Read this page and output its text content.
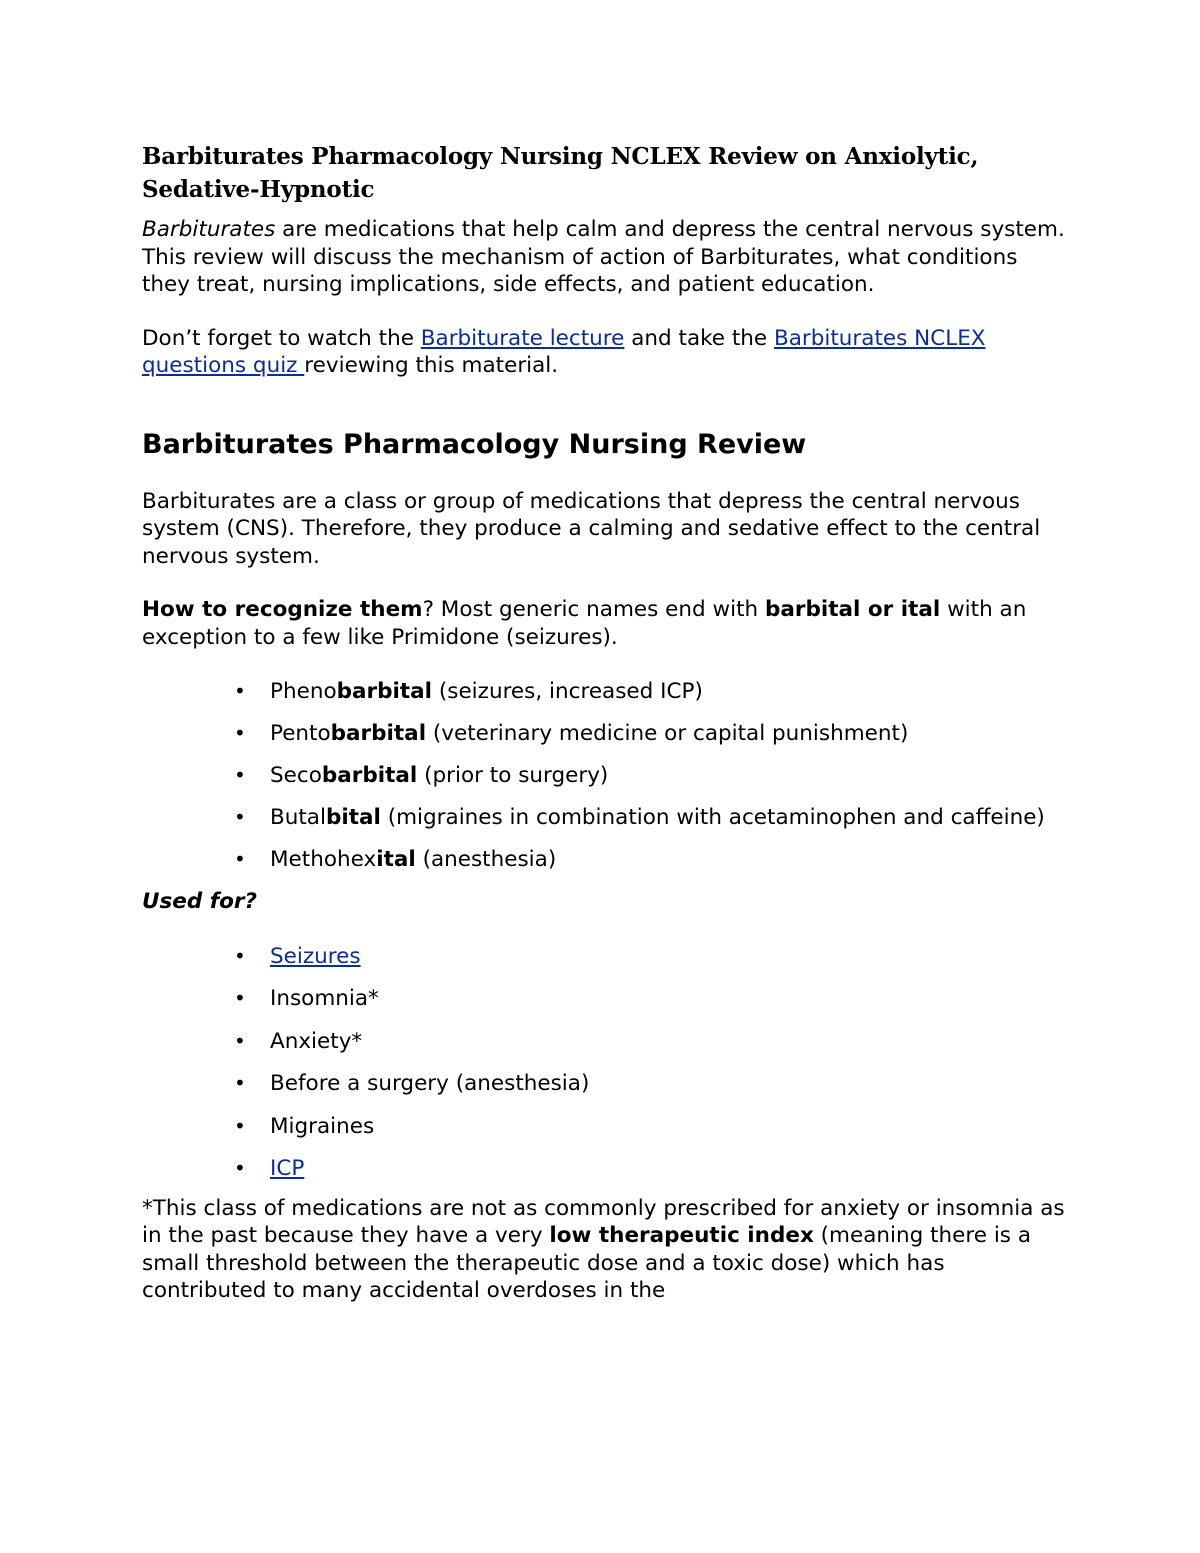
Barbiturates Pharmacology Nursing NCLEX Review on Anxiolytic,
Sedative-Hypnotic

Barbiturates are medications that help calm and depress the central nervous system. This review will discuss the mechanism of action of Barbiturates, what conditions they treat, nursing implications, side effects, and patient education.

Don’t forget to watch the Barbiturate lecture and take the Barbiturates NCLEX questions quiz reviewing this material.

Barbiturates Pharmacology Nursing Review

Barbiturates are a class or group of medications that depress the central nervous system (CNS). Therefore, they produce a calming and sedative effect to the central nervous system.

How to recognize them? Most generic names end with barbital or ital with an exception to a few like Primidone (seizures).

• Phenobarbital (seizures, increased ICP)
• Pentobarbital (veterinary medicine or capital punishment)
• Secobarbital (prior to surgery)
• Butalbital (migraines in combination with acetaminophen and caffeine)
• Methohexital (anesthesia)

Used for?

• Seizures
• Insomnia*
• Anxiety*
• Before a surgery (anesthesia)
• Migraines
• ICP

*This class of medications are not as commonly prescribed for anxiety or insomnia as in the past because they have a very low therapeutic index (meaning there is a small threshold between the therapeutic dose and a toxic dose) which has contributed to many accidental overdoses in the
